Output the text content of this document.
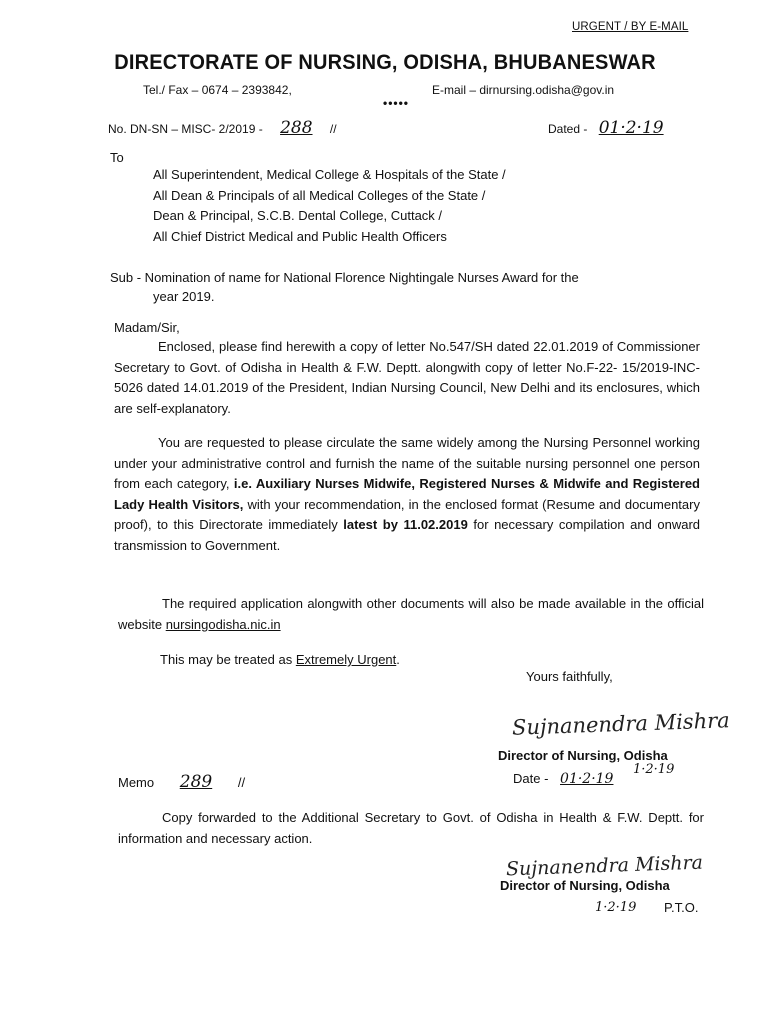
URGENT / BY E-MAIL
DIRECTORATE OF NURSING, ODISHA, BHUBANESWAR
Tel./ Fax – 0674 – 2393842,	E-mail – dirnursing.odisha@gov.in
•••••
No. DN-SN – MISC- 2/2019 - 288 //	Dated - 01·2·19
To
All Superintendent, Medical College & Hospitals of the State /
All Dean & Principals of all Medical Colleges of the State /
Dean & Principal, S.C.B. Dental College, Cuttack /
All Chief District Medical and Public Health Officers
Sub - Nomination of name for National Florence Nightingale Nurses Award for the
year 2019.
Madam/Sir,
Enclosed, please find herewith a copy of letter No.547/SH dated 22.01.2019 of Commissioner Secretary to Govt. of Odisha in Health & F.W. Deptt. alongwith copy of letter No.F-22- 15/2019-INC- 5026 dated 14.01.2019 of the President, Indian Nursing Council, New Delhi and its enclosures, which are self-explanatory.
You are requested to please circulate the same widely among the Nursing Personnel working under your administrative control and furnish the name of the suitable nursing personnel one person from each category, i.e. Auxiliary Nurses Midwife, Registered Nurses & Midwife and Registered Lady Health Visitors, with your recommendation, in the enclosed format (Resume and documentary proof), to this Directorate immediately latest by 11.02.2019 for necessary compilation and onward transmission to Government.
The required application alongwith other documents will also be made available in the official website nursingodisha.nic.in
This may be treated as Extremely Urgent.
Yours faithfully,
Sujnanendra Mishra
Director of Nursing, Odisha
1·2·19
Date - 01·2·19
Memo 289 //
Copy forwarded to the Additional Secretary to Govt. of Odisha in Health & F.W. Deptt. for information and necessary action.
Sujnanendra Mishra
Director of Nursing, Odisha
1·2·19 P.T.O.
